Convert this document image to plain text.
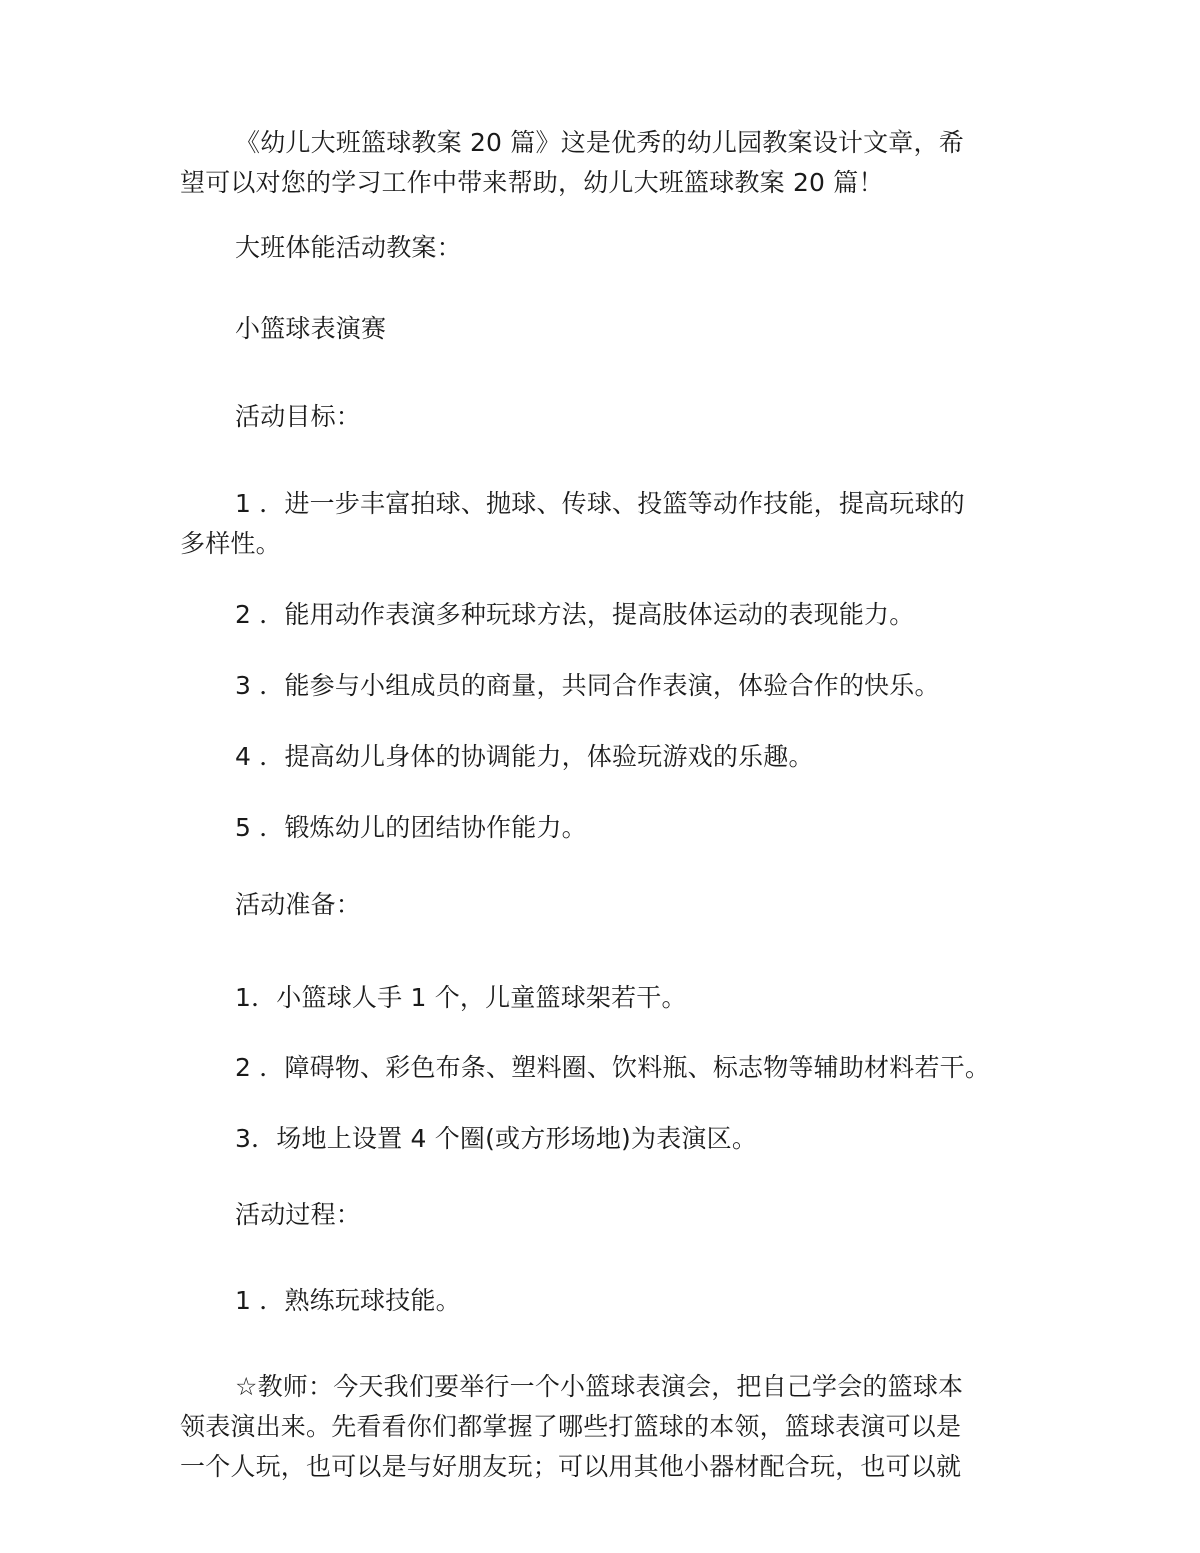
《幼儿大班篮球教案 20 篇》这是优秀的幼儿园教案设计文章，希
望可以对您的学习工作中带来帮助，幼儿大班篮球教案 20 篇！
大班体能活动教案：
小篮球表演赛
活动目标：
1 ．进一步丰富拍球、抛球、传球、投篮等动作技能，提高玩球的
多样性。
2 ．能用动作表演多种玩球方法，提高肢体运动的表现能力。
3 ．能参与小组成员的商量，共同合作表演，体验合作的快乐。
4 ．提高幼儿身体的协调能力，体验玩游戏的乐趣。
5 ．锻炼幼儿的团结协作能力。
活动准备：
1．小篮球人手 1 个，儿童篮球架若干。
2 ．障碍物、彩色布条、塑料圈、饮料瓶、标志物等辅助材料若干。
3．场地上设置 4 个圈(或方形场地)为表演区。
活动过程：
1 ．熟练玩球技能。
☆教师：今天我们要举行一个小篮球表演会，把自己学会的篮球本
领表演出来。先看看你们都掌握了哪些打篮球的本领，篮球表演可以是
一个人玩，也可以是与好朋友玩；可以用其他小器材配合玩，也可以就
